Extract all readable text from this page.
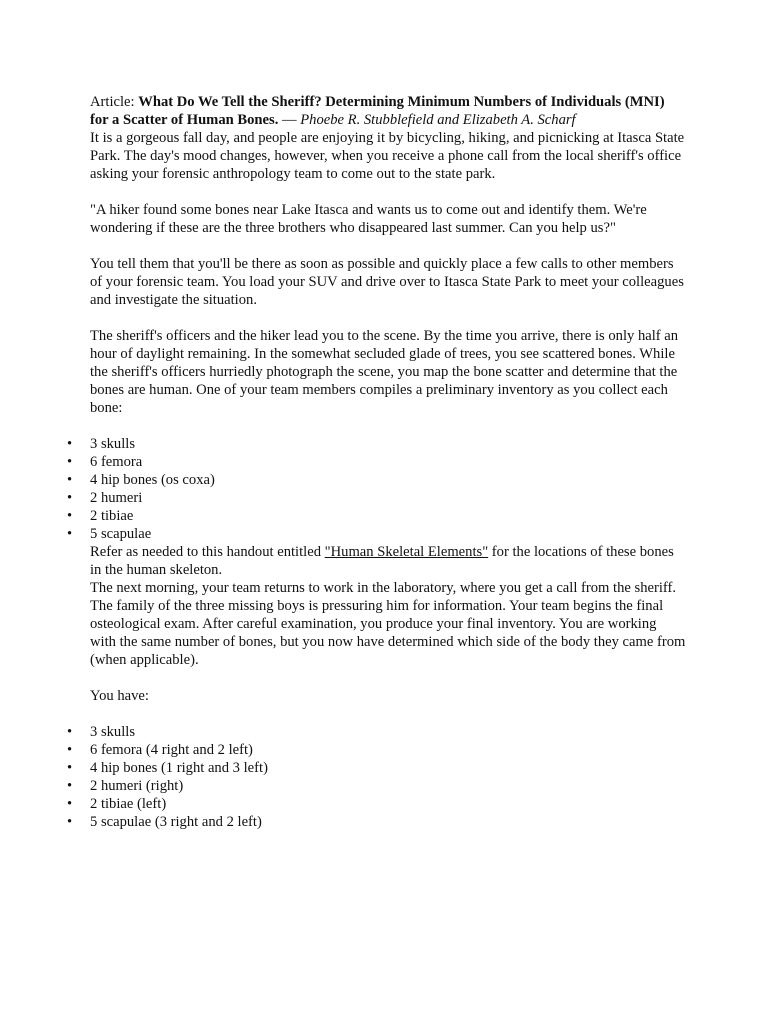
Article: What Do We Tell the Sheriff? Determining Minimum Numbers of Individuals (MNI) for a Scatter of Human Bones. — Phoebe R. Stubblefield and Elizabeth A. Scharf

It is a gorgeous fall day, and people are enjoying it by bicycling, hiking, and picnicking at Itasca State Park. The day's mood changes, however, when you receive a phone call from the local sheriff's office asking your forensic anthropology team to come out to the state park.

"A hiker found some bones near Lake Itasca and wants us to come out and identify them. We're wondering if these are the three brothers who disappeared last summer. Can you help us?"

You tell them that you'll be there as soon as possible and quickly place a few calls to other members of your forensic team. You load your SUV and drive over to Itasca State Park to meet your colleagues and investigate the situation.

The sheriff's officers and the hiker lead you to the scene. By the time you arrive, there is only half an hour of daylight remaining. In the somewhat secluded glade of trees, you see scattered bones. While the sheriff's officers hurriedly photograph the scene, you map the bone scatter and determine that the bones are human. One of your team members compiles a preliminary inventory as you collect each bone:

• 3 skulls
• 6 femora
• 4 hip bones (os coxa)
• 2 humeri
• 2 tibiae
• 5 scapulae

Refer as needed to this handout entitled "Human Skeletal Elements" for the locations of these bones in the human skeleton.

The next morning, your team returns to work in the laboratory, where you get a call from the sheriff. The family of the three missing boys is pressuring him for information. Your team begins the final osteological exam. After careful examination, you produce your final inventory. You are working with the same number of bones, but you now have determined which side of the body they came from (when applicable).

You have:

• 3 skulls
• 6 femora (4 right and 2 left)
• 4 hip bones (1 right and 3 left)
• 2 humeri (right)
• 2 tibiae (left)
• 5 scapulae (3 right and 2 left)
